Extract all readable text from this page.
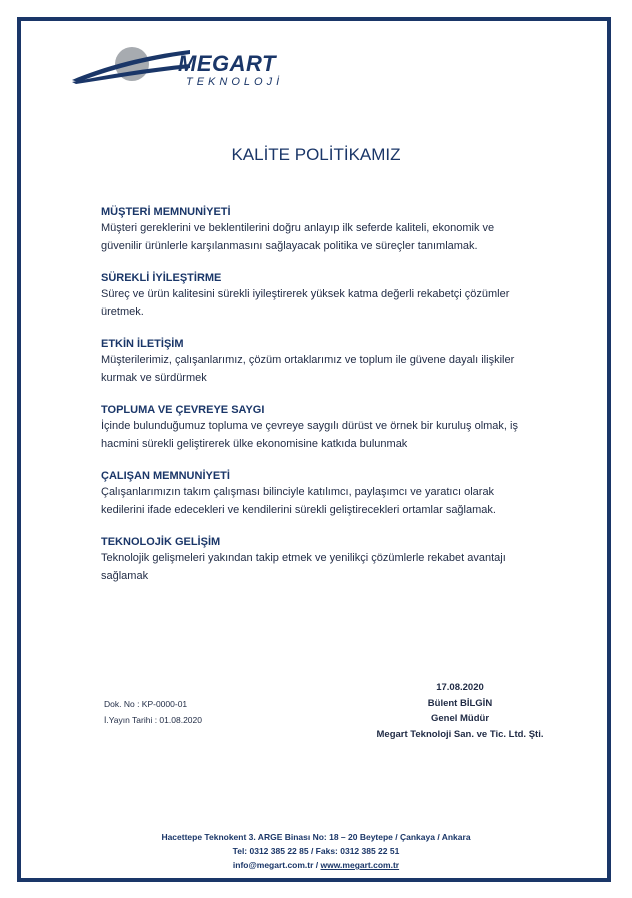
MEGART
TEKNOLOJİ
KALİTE POLİTİKAMIZ
MÜŞTERİ MEMNUNİYETİ

Müşteri gereklerini ve beklentilerini doğru anlayıp ilk seferde kaliteli, ekonomik ve

güvenilir ürünlerle karşılanmasını sağlayacak politika ve süreçler tanımlamak.

SÜREKLİ İYİLEŞTİRME

Süreç ve ürün kalitesini sürekli iyileştirerek yüksek katma değerli rekabetçi çözümler

üretmek.

ETKİN İLETİŞİM

Müşterilerimiz, çalışanlarımız, çözüm ortaklarımız ve toplum ile güvene dayalı ilişkiler

kurmak ve sürdürmek

TOPLUMA VE ÇEVREYE SAYGI

İçinde bulunduğumuz topluma ve çevreye saygılı dürüst ve örnek bir kuruluş olmak, iş

hacmini sürekli geliştirerek ülke ekonomisine katkıda bulunmak

ÇALIŞAN MEMNUNİYETİ

Çalışanlarımızın takım çalışması bilinciyle katılımcı, paylaşımcı ve yaratıcı olarak

kedilerini ifade edecekleri ve kendilerini sürekli geliştirecekleri ortamlar sağlamak.

TEKNOLOJİK GELİŞİM

Teknolojik gelişmeleri yakından takip etmek ve yenilikçi çözümlerle rekabet avantajı

sağlamak

Dok. No : KP-0000-01
İ.Yayın Tarihi : 01.08.2020
17.08.2020
Bülent BİLGİN
Genel Müdür
Megart Teknoloji San. ve Tic. Ltd. Şti.
Hacettepe Teknokent 3. ARGE Binası No: 18 – 20 Beytepe / Çankaya / Ankara
Tel: 0312 385 22 85 / Faks: 0312 385 22 51
info@megart.com.tr / www.megart.com.tr
